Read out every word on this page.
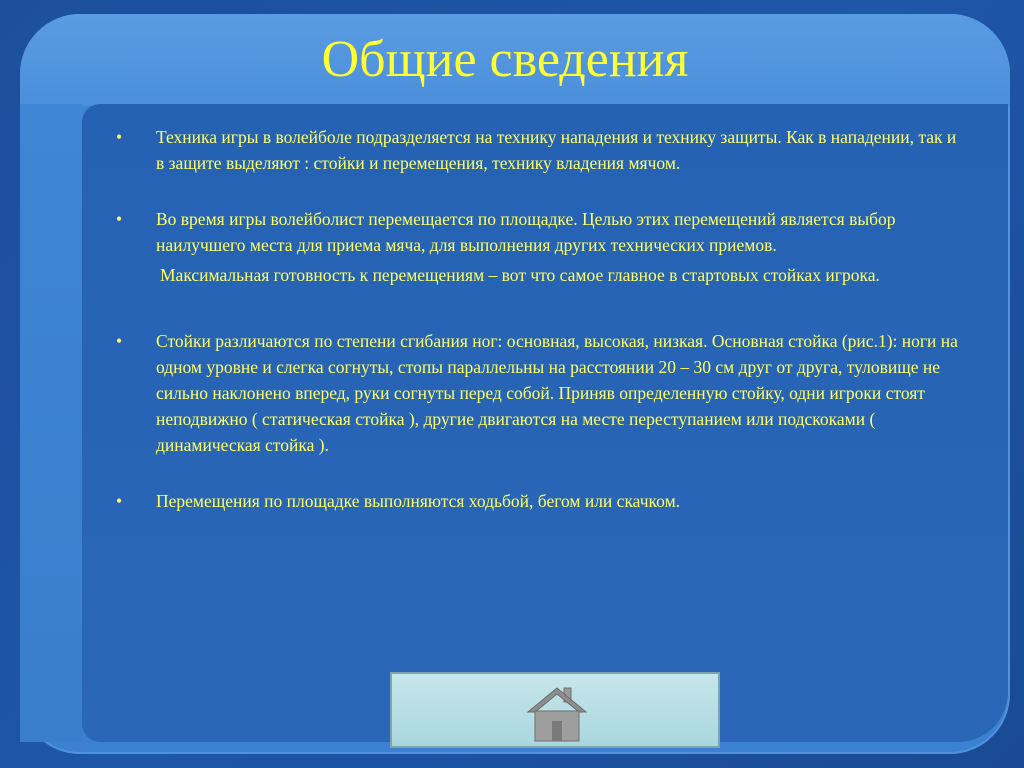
Общие сведения
• Техника игры в волейболе подразделяется на технику нападения и технику защиты. Как в нападении, так и в защите выделяют : стойки и перемещения, технику владения мячом.
• Во время игры волейболист перемещается по площадке. Целью этих перемещений является выбор наилучшего места для приема мяча, для выполнения других технических приемов.
Максимальная готовность к перемещениям – вот что самое главное в стартовых стойках игрока.
• Стойки различаются по степени сгибания ног: основная, высокая, низкая. Основная стойка (рис.1): ноги на одном уровне и слегка согнуты, стопы параллельны на расстоянии 20 – 30 см друг от друга, туловище не сильно наклонено вперед, руки согнуты перед собой. Приняв определенную стойку, одни игроки стоят неподвижно ( статическая стойка ), другие двигаются на месте переступанием или подскоками ( динамическая стойка ).
• Перемещения по площадке выполняются ходьбой, бегом или скачком.
